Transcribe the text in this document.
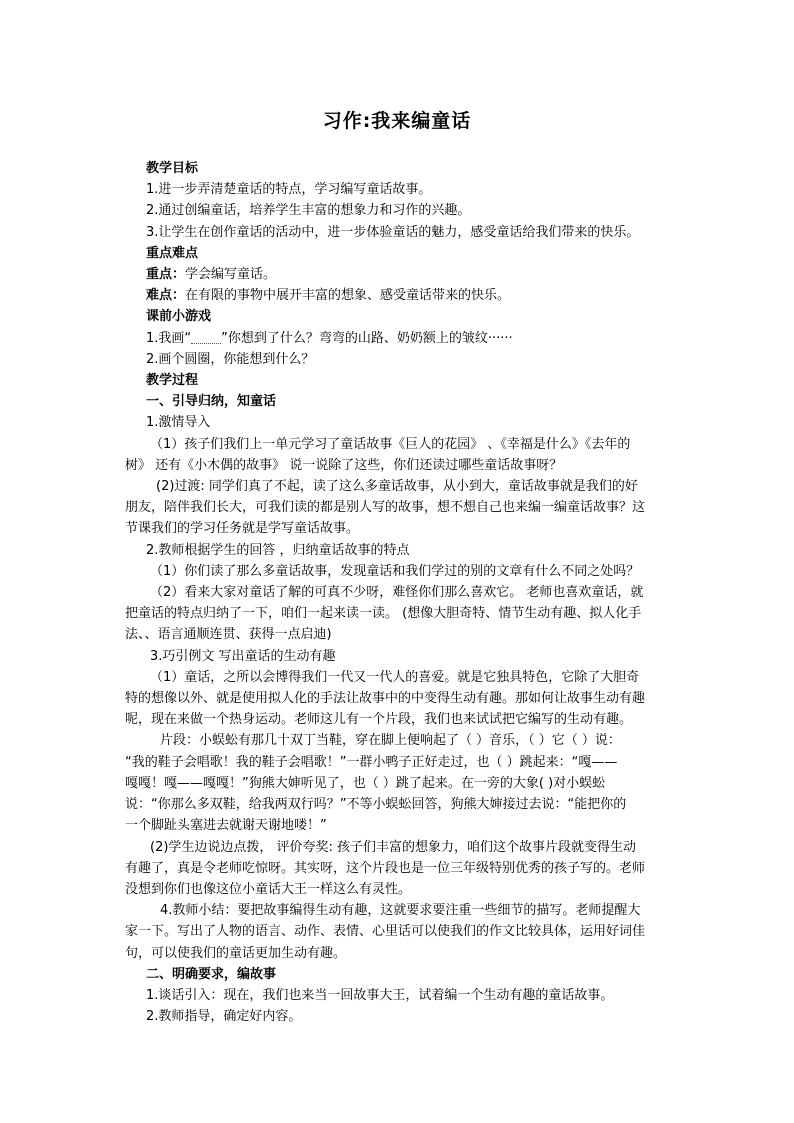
习作:我来编童话
教学目标
1.进一步弄清楚童话的特点，学习编写童话故事。
2.通过创编童话，培养学生丰富的想象力和习作的兴趣。
3.让学生在创作童话的活动中，进一步体验童话的魅力，感受童话给我们带来的快乐。
重点难点
重点：学会编写童话。
难点：在有限的事物中展开丰富的想象、感受童话带来的快乐。
课前小游戏
1.我画“ ”你想到了什么？弯弯的山路、奶奶额上的皱纹······
2.画个圆圈，你能想到什么？
教学过程
一、引导归纳，知童话
1.激情导入
（1）孩子们我们上一单元学习了童话故事《巨人的花园》 、《幸福是什么》《去年的
树》 还有《小木偶的故事》 说一说除了这些，你们还读过哪些童话故事呀？
(2)过渡: 同学们真了不起，读了这么多童话故事，从小到大，童话故事就是我们的好
朋友，陪伴我们长大，可我们读的都是别人写的故事，想不想自己也来编一编童话故事？这
节课我们的学习任务就是学写童话故事。
2.教师根据学生的回答 ，归纳童话故事的特点
（1）你们读了那么多童话故事，发现童话和我们学过的别的文章有什么不同之处吗？
（2）看来大家对童话了解的可真不少呀，难怪你们那么喜欢它。 老师也喜欢童话，就
把童话的特点归纳了一下，咱们一起来读一读。 (想像大胆奇特、情节生动有趣、拟人化手
法、、语言通顺连贯、获得一点启迪)
3.巧引例文 写出童话的生动有趣
（1）童话，之所以会博得我们一代又一代人的喜爱。就是它独具特色，它除了大胆奇
特的想像以外、就是使用拟人化的手法让故事中的中变得生动有趣。那如何让故事生动有趣
呢，现在来做一个热身运动。老师这儿有一个片段，我们也来试试把它编写的生动有趣。
片段：小蜈蚣有那几十双丁当鞋，穿在脚上便响起了（ ）音乐，（ ）它（ ）说：
“我的鞋子会唱歌！我的鞋子会唱歌！”一群小鸭子正好走过，也（ ）跳起来：“嘎——
嘎嘎！嘎——嘎嘎！”狗熊大婶听见了，也（ ）跳了起来。在一旁的大象( )对小蜈蚣
说：“你那么多双鞋，给我两双行吗？”不等小蜈蚣回答，狗熊大婶接过去说：“能把你的
一个脚趾头塞进去就谢天谢地喽！”
(2)学生边说边点拨， 评价夸奖: 孩子们丰富的想象力，咱们这个故事片段就变得生动
有趣了，真是令老师吃惊呀。其实呀，这个片段也是一位三年级特别优秀的孩子写的。老师
没想到你们也像这位小童话大王一样这么有灵性。
4.教师小结：要把故事编得生动有趣，这就要求要注重一些细节的描写。老师提醒大
家一下。写出了人物的语言、动作、表情、心里话可以使我们的作文比较具体，运用好词佳
句，可以使我们的童话更加生动有趣。
二、明确要求，编故事
1.谈话引入：现在，我们也来当一回故事大王，试着编一个生动有趣的童话故事。
2.教师指导，确定好内容。
